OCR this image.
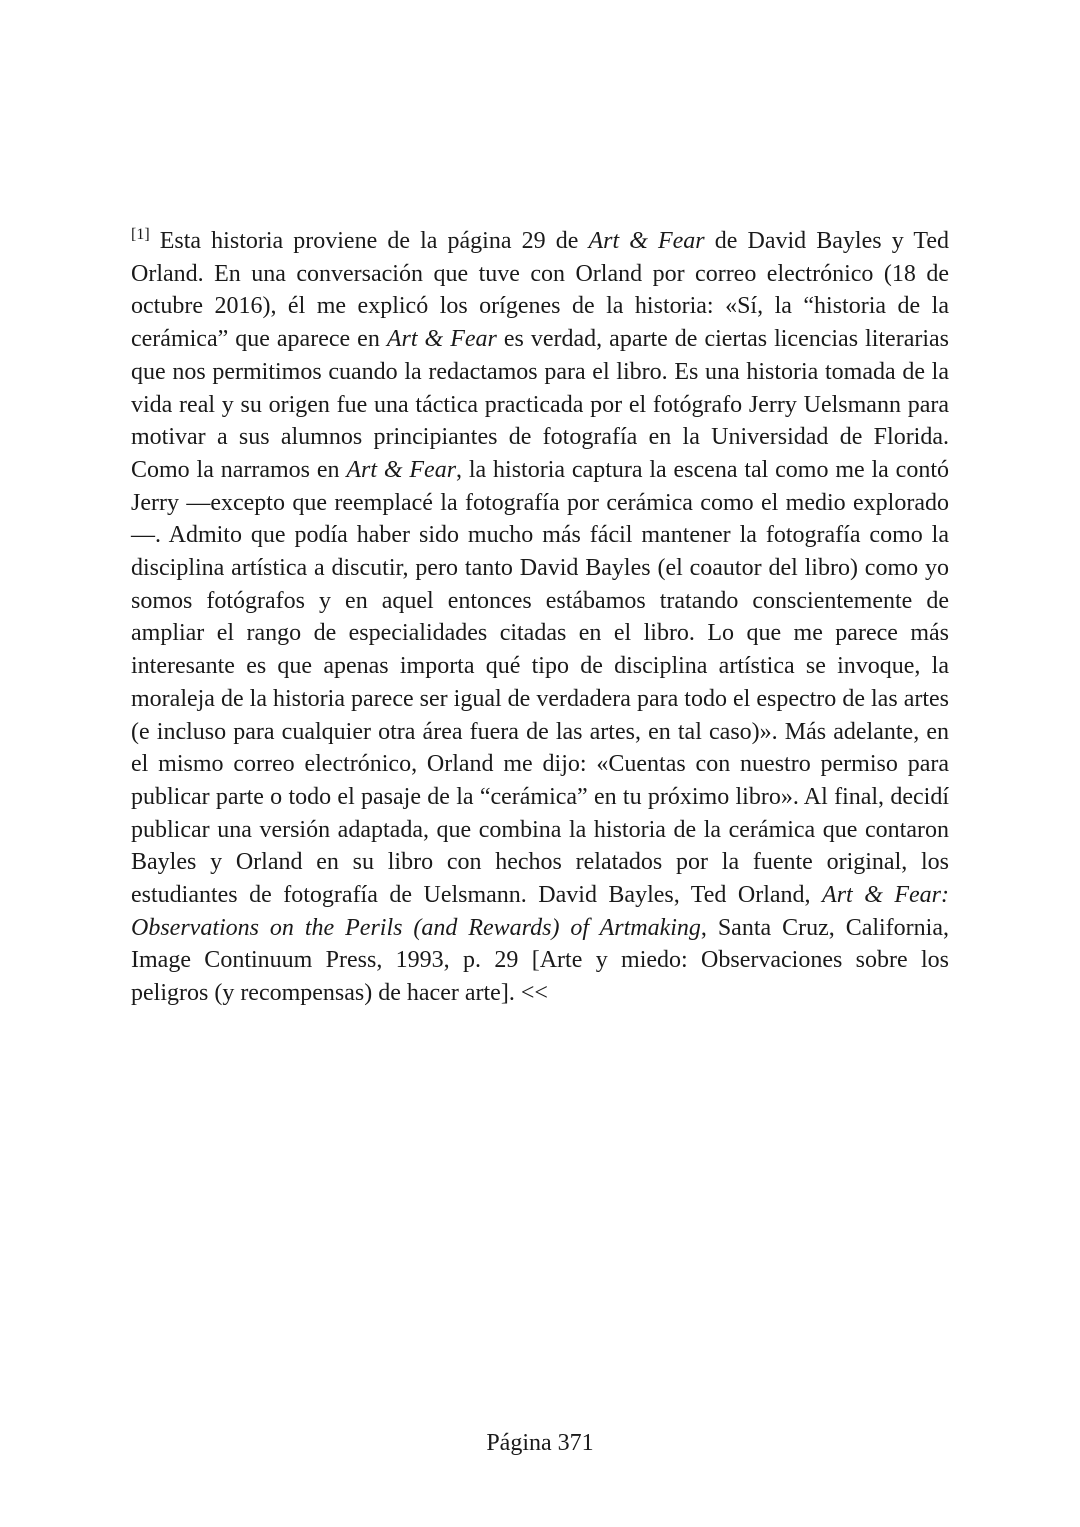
[1] Esta historia proviene de la página 29 de Art & Fear de David Bayles y Ted Orland. En una conversación que tuve con Orland por correo electrónico (18 de octubre 2016), él me explicó los orígenes de la historia: «Sí, la “historia de la cerámica” que aparece en Art & Fear es verdad, aparte de ciertas licencias literarias que nos permitimos cuando la redactamos para el libro. Es una historia tomada de la vida real y su origen fue una táctica practicada por el fotógrafo Jerry Uelsmann para motivar a sus alumnos principiantes de fotografía en la Universidad de Florida. Como la narramos en Art & Fear, la historia captura la escena tal como me la contó Jerry —excepto que reemplacé la fotografía por cerámica como el medio explorado—. Admito que podía haber sido mucho más fácil mantener la fotografía como la disciplina artística a discutir, pero tanto David Bayles (el coautor del libro) como yo somos fotógrafos y en aquel entonces estábamos tratando conscientemente de ampliar el rango de especialidades citadas en el libro. Lo que me parece más interesante es que apenas importa qué tipo de disciplina artística se invoque, la moraleja de la historia parece ser igual de verdadera para todo el espectro de las artes (e incluso para cualquier otra área fuera de las artes, en tal caso)». Más adelante, en el mismo correo electrónico, Orland me dijo: «Cuentas con nuestro permiso para publicar parte o todo el pasaje de la “cerámica” en tu próximo libro». Al final, decidí publicar una versión adaptada, que combina la historia de la cerámica que contaron Bayles y Orland en su libro con hechos relatados por la fuente original, los estudiantes de fotografía de Uelsmann. David Bayles, Ted Orland, Art & Fear: Observations on the Perils (and Rewards) of Artmaking, Santa Cruz, California, Image Continuum Press, 1993, p. 29 [Arte y miedo: Observaciones sobre los peligros (y recompensas) de hacer arte]. <<

Página 371
